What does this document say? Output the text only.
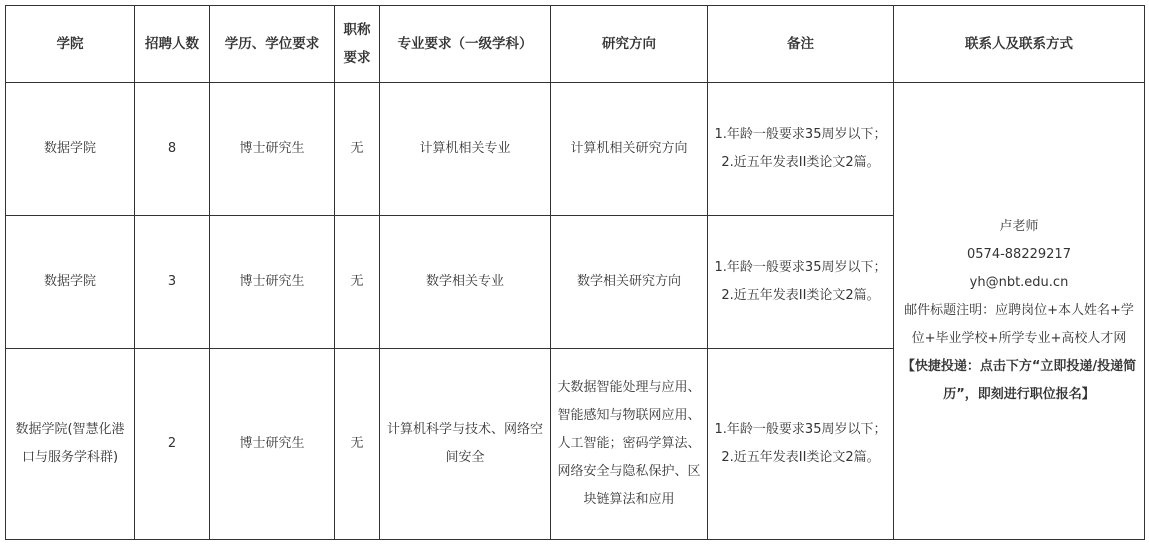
学院	招聘人数	学历、学位要求	职称要求	专业要求（一级学科）	研究方向	备注	联系人及联系方式
数据学院	8	博士研究生	无	计算机相关专业	计算机相关研究方向	1.年龄一般要求35周岁以下；
2.近五年发表II类论文2篇。	卢老师
0574-88229217
yh@nbt.edu.cn
邮件标题注明：应聘岗位+本人姓名+学位+毕业学校+所学专业+高校人才网【快捷投递：点击下方“立即投递/投递简历”，即刻进行职位报名】
数据学院	3	博士研究生	无	数学相关专业	数学相关研究方向	1.年龄一般要求35周岁以下；
2.近五年发表II类论文2篇。	
数据学院(智慧化港口与服务学科群)	2	博士研究生	无	计算机科学与技术、网络空间安全	大数据智能处理与应用、智能感知与物联网应用、人工智能；密码学算法、网络安全与隐私保护、区块链算法和应用	1.年龄一般要求35周岁以下；
2.近五年发表II类论文2篇。	
